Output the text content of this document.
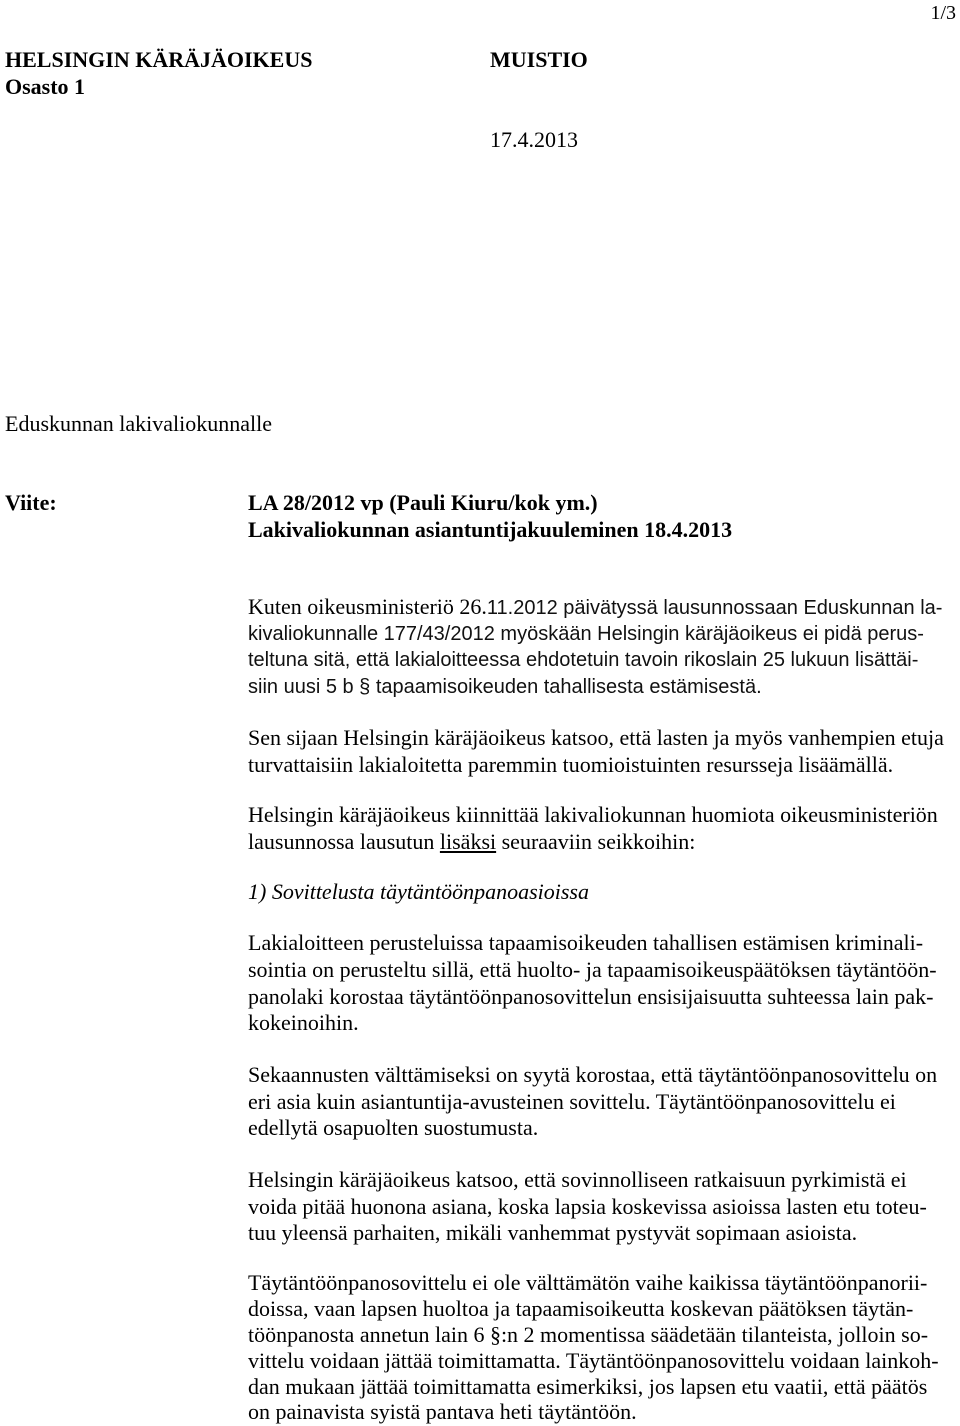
1/3
HELSINGIN KÄRÄJÄOIKEUS
Osasto 1
MUISTIO
17.4.2013
Eduskunnan lakivaliokunnalle
Viite:	LA 28/2012 vp (Pauli Kiuru/kok ym.)
Lakivaliokunnan asiantuntijakuuleminen 18.4.2013
Kuten oikeusministeriö 26.11.2012 päivätyssä lausunnossaan Eduskunnan la-
kivaliokunnalle 177/43/2012 myöskään Helsingin käräjäoikeus ei pidä perus-
teltuna sitä, että lakialoitteessa ehdotetuin tavoin rikoslain 25 lukuun lisättäi-
siin uusi 5 b § tapaamisoikeuden tahallisesta estämisestä.
Sen sijaan Helsingin käräjäoikeus katsoo, että lasten ja myös vanhempien etuja
turvattaisiin lakialoitetta paremmin tuomioistuinten resursseja lisäämällä.
Helsingin käräjäoikeus kiinnittää lakivaliokunnan huomiota oikeusministeriön
lausunnossa lausutun lisäksi seuraaviin seikkoihin:
1) Sovittelusta täytäntöönpanoasioissa
Lakialoitteen perusteluissa tapaamisoikeuden tahallisen estämisen kriminali-
sointia on perusteltu sillä, että huolto- ja tapaamisoikeuspäätöksen täytäntöön-
panolaki korostaa täytäntöönpanosovittelun ensisijaisuutta suhteessa lain pak-
kokeinoihin.
Sekaannusten välttämiseksi on syytä korostaa, että täytäntöönpanosovittelu on
eri asia kuin asiantuntija-avusteinen sovittelu. Täytäntöönpanosovittelu ei
edellytä osapuolten suostumusta.
Helsingin käräjäoikeus katsoo, että sovinnolliseen ratkaisuun pyrkimistä ei
voida pitää huonona asiana, koska lapsia koskevissa asioissa lasten etu toteu-
tuu yleensä parhaiten, mikäli vanhemmat pystyvät sopimaan asioista.
Täytäntöönpanosovittelu ei ole välttämätön vaihe kaikissa täytäntöönpanorii-
doissa, vaan lapsen huoltoa ja tapaamisoikeutta koskevan päätöksen täytän-
töönpanosta annetun lain 6 §:n 2 momentissa säädetään tilanteista, jolloin so-
vittelu voidaan jättää toimittamatta. Täytäntöönpanosovittelu voidaan lainkoh-
dan mukaan jättää toimittamatta esimerkiksi, jos lapsen etu vaatii, että päätös
on painavista syistä pantava heti täytäntöön.
